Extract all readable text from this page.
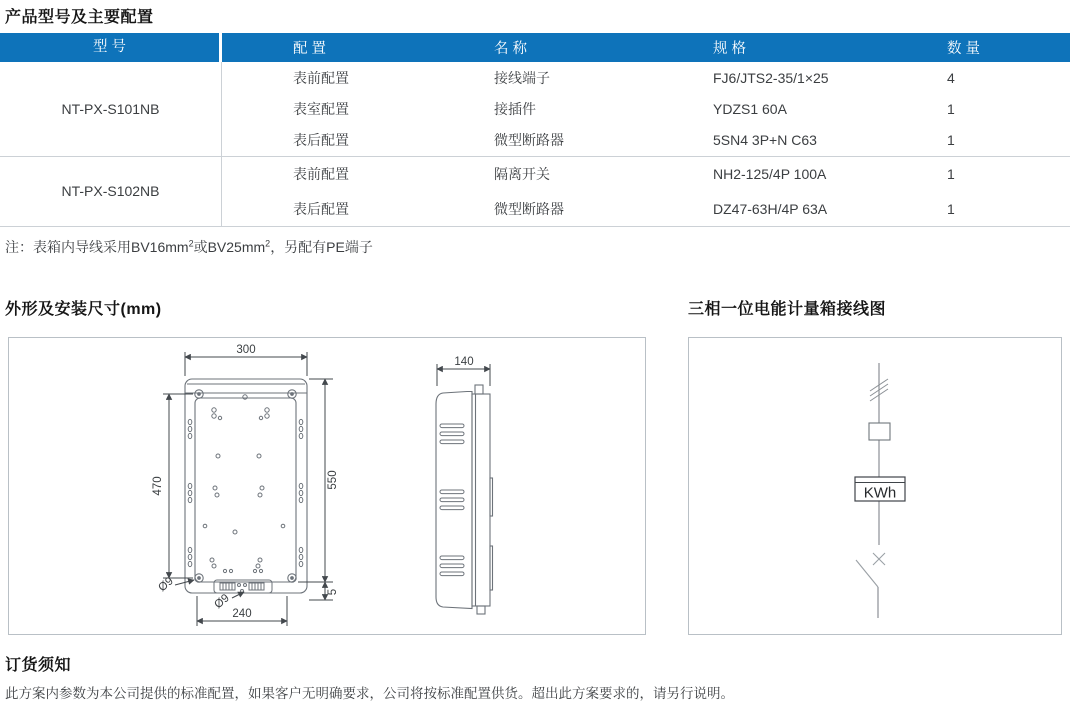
产品型号及主要配置
型 号	配 置	名 称	规 格	数 量
NT-PX-S101NB
表前配置	接线端子	FJ6/JTS2-35/1×25	4
表室配置	接插件	YDZS1 60A	1
表后配置	微型断路器	5SN4 3P+N C63	1
NT-PX-S102NB
表前配置	隔离开关	NH2-125/4P 100A	1
表后配置	微型断路器	DZ47-63H/4P 63A	1

注：表箱内导线采用$BV16mm^2$或$BV25mm^2$，另配有PE端子

外形及安装尺寸(mm)	三相一位电能计量箱接线图
300
550
5
470
240
Ø9
Ø9
140
KWh
订货须知

此方案内参数为本公司提供的标准配置，如果客户无明确要求，公司将按标准配置供货。超出此方案要求的，请另行说明。
